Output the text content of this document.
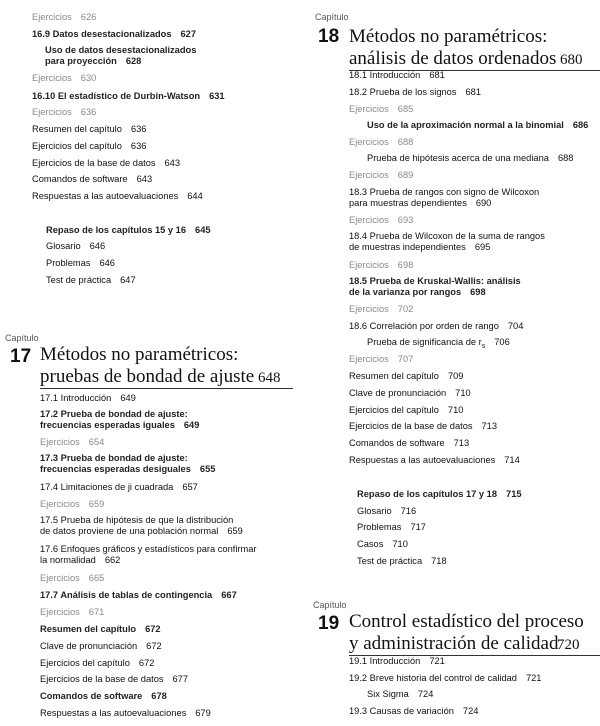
Capítulo
17 Métodos no paramétricos:
pruebas de bondad de ajuste 648
Capítulo
18 Métodos no paramétricos:
análisis de datos ordenados 680
Capítulo
19 Control estadístico del proceso
y administración de calidad
720
Ejercicios 626
16.9 Datos desestacionalizados 627
Uso de datos desestacionalizados
para proyección 628
Ejercicios 630
16.10 El estadístico de Durbin-Watson 631
Ejercicios 636
Resumen del capítulo 636
Ejercicios del capítulo 636
Ejercicios de la base de datos 643
Comandos de software 643
Respuestas a las autoevaluaciones 644
Repaso de los capítulos 15 y 16 645
Glosario 646
Problemas 646
Test de práctica 647
17.1 Introducción 649
17.2 Prueba de bondad de ajuste:
frecuencias esperadas iguales 649
Ejercicios 654
17.3 Prueba de bondad de ajuste:
frecuencias esperadas desiguales 655
17.4 Limitaciones de ji cuadrada 657
Ejercicios 659
17.5 Prueba de hipótesis de que la distribución
de datos proviene de una población normal 659
17.6 Enfoques gráficos y estadísticos para confirmar
la normalidad 662
Ejercicios 665
17.7 Análisis de tablas de contingencia 667
Ejercicios 671
Resumen del capítulo 672
Clave de pronunciación 672
Ejercicios del capítulo 672
Ejercicios de la base de datos 677
Comandos de software 678
Respuestas a las autoevaluaciones 679
18.1 Introducción 681
18.2 Prueba de los signos 681
Ejercicios 685
Uso de la aproximación normal a la binomial 686
Ejercicios 688
Prueba de hipótesis acerca de una mediana 688
Ejercicios 689
18.3 Prueba de rangos con signo de Wilcoxon
para muestras dependientes 690
Ejercicios 693
18.4 Prueba de Wilcoxon de la suma de rangos
de muestras independientes 695
Ejercicios 698
18.5 Prueba de Kruskal-Wallis: análisis
de la varianza por rangos 698
Ejercicios 702
18.6 Correlación por orden de rango 704
Prueba de significancia de $r_s$ 706
Ejercicios 707
Resumen del capítulo 709
Clave de pronunciación 710
Ejercicios del capítulo 710
Ejercicios de la base de datos 713
Comandos de software 713
Respuestas a las autoevaluaciones 714
Repaso de los capítulos 17 y 18 715
Glosario 716
Problemas 717
Casos 710
Test de práctica 718
19.1 Introducción 721
19.2 Breve historia del control de calidad 721
Six Sigma 724
19.3 Causas de variación 724
